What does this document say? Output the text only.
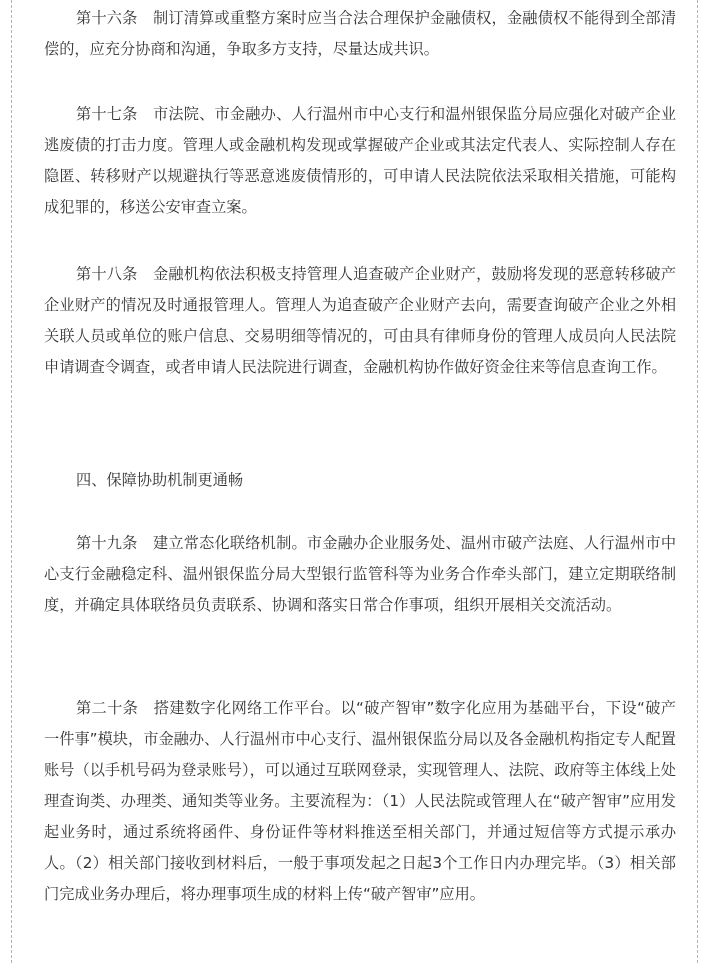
第十六条　制订清算或重整方案时应当合法合理保护金融债权，金融债权不能得到全部清偿的，应充分协商和沟通，争取多方支持，尽量达成共识。

第十七条　市法院、市金融办、人行温州市中心支行和温州银保监分局应强化对破产企业逃废债的打击力度。管理人或金融机构发现或掌握破产企业或其法定代表人、实际控制人存在隐匿、转移财产以规避执行等恶意逃废债情形的，可申请人民法院依法采取相关措施，可能构成犯罪的，移送公安审查立案。

第十八条　金融机构依法积极支持管理人追查破产企业财产，鼓励将发现的恶意转移破产企业财产的情况及时通报管理人。管理人为追查破产企业财产去向，需要查询破产企业之外相关联人员或单位的账户信息、交易明细等情况的，可由具有律师身份的管理人成员向人民法院申请调查令调查，或者申请人民法院进行调查，金融机构协作做好资金往来等信息查询工作。

四、保障协助机制更通畅

第十九条　建立常态化联络机制。市金融办企业服务处、温州市破产法庭、人行温州市中心支行金融稳定科、温州银保监分局大型银行监管科等为业务合作牵头部门，建立定期联络制度，并确定具体联络员负责联系、协调和落实日常合作事项，组织开展相关交流活动。

第二十条　搭建数字化网络工作平台。以“破产智审”数字化应用为基础平台，下设“破产一件事”模块，市金融办、人行温州市中心支行、温州银保监分局以及各金融机构指定专人配置账号（以手机号码为登录账号），可以通过互联网登录，实现管理人、法院、政府等主体线上处理查询类、办理类、通知类等业务。主要流程为：（1）人民法院或管理人在“破产智审”应用发起业务时，通过系统将函件、身份证件等材料推送至相关部门，并通过短信等方式提示承办人。（2）相关部门接收到材料后，一般于事项发起之日起3个工作日内办理完毕。（3）相关部门完成业务办理后，将办理事项生成的材料上传“破产智审”应用。
